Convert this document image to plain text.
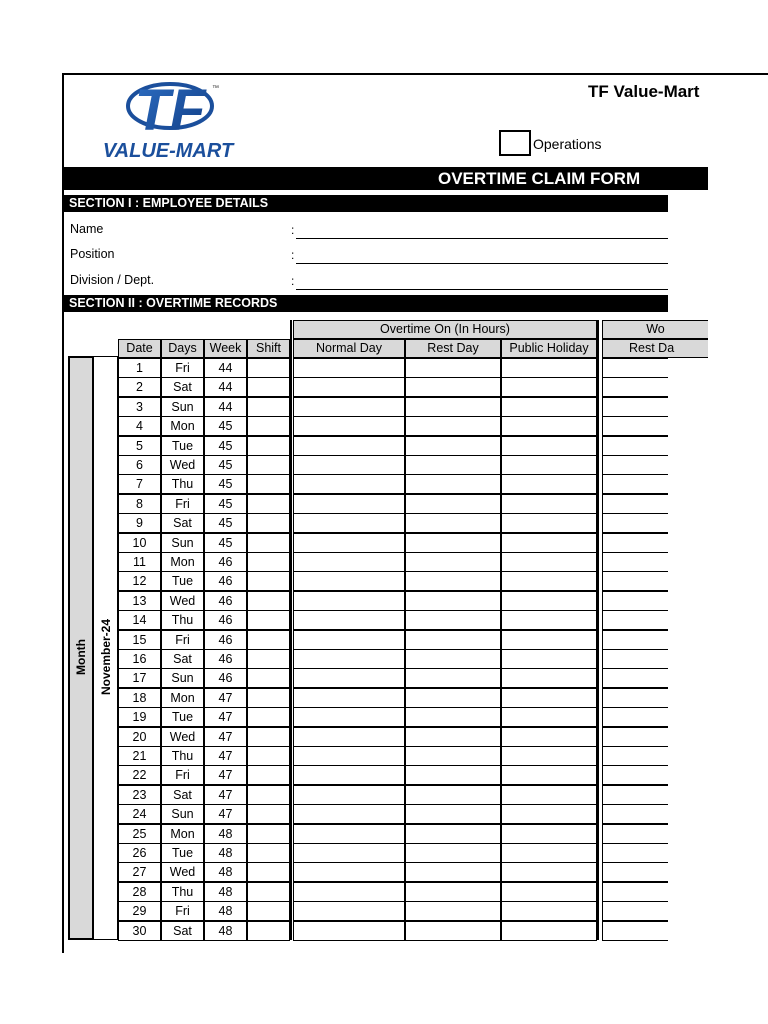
TF ™
VALUE-MART
TF Value-Mart
Operations
OVERTIME CLAIM FORM
SECTION I : EMPLOYEE DETAILS
Name	:
Position	:
Division / Dept.	:
SECTION II : OVERTIME RECORDS
Overtime On (In Hours)	Wo
Date	Days	Week	Shift	Normal Day	Rest Day	Public Holiday	Rest Da
Month November-24
1	Fri	44
2	Sat	44
3	Sun	44
4	Mon	45
5	Tue	45
6	Wed	45
7	Thu	45
8	Fri	45
9	Sat	45
10	Sun	45
11	Mon	46
12	Tue	46
13	Wed	46
14	Thu	46
15	Fri	46
16	Sat	46
17	Sun	46
18	Mon	47
19	Tue	47
20	Wed	47
21	Thu	47
22	Fri	47
23	Sat	47
24	Sun	47
25	Mon	48
26	Tue	48
27	Wed	48
28	Thu	48
29	Fri	48
30	Sat	48
